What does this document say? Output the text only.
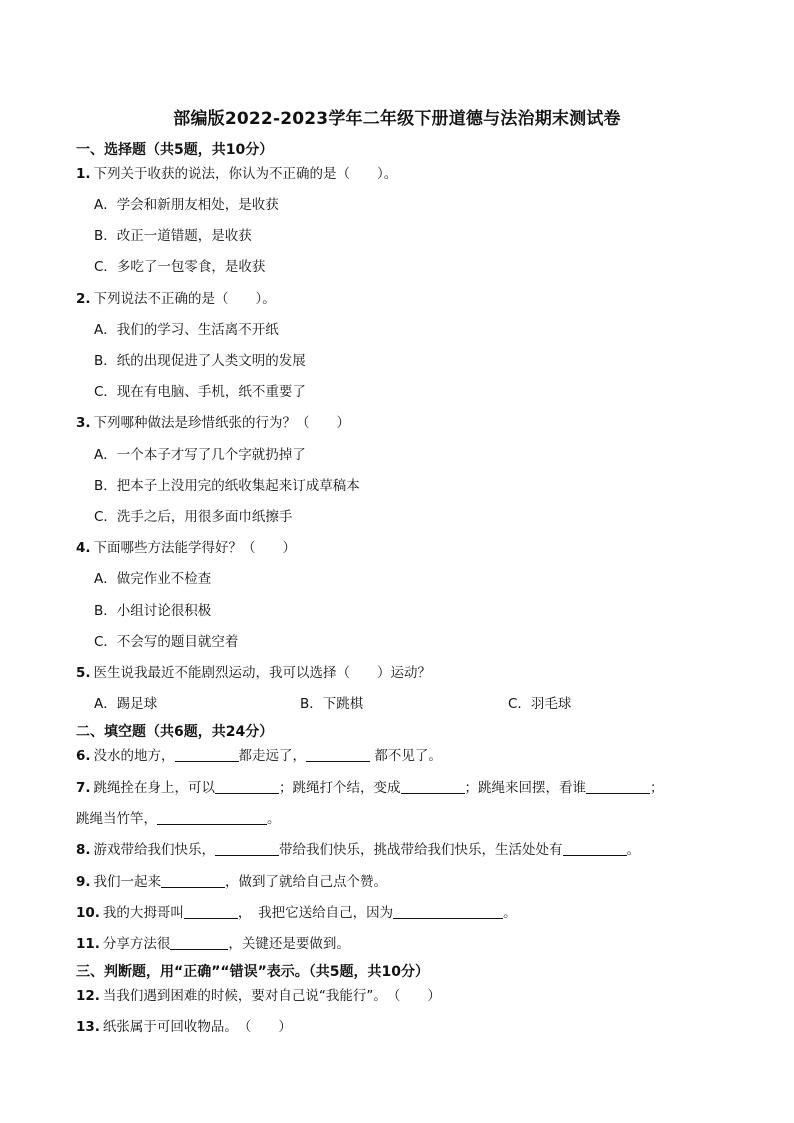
部编版2022-2023学年二年级下册道德与法治期末测试卷
一、选择题（共5题，共10分）
1. 下列关于收获的说法，你认为不正确的是（　　）。
A．学会和新朋友相处，是收获
B．改正一道错题，是收获
C．多吃了一包零食，是收获
2. 下列说法不正确的是（　　）。
A．我们的学习、生活离不开纸
B．纸的出现促进了人类文明的发展
C．现在有电脑、手机，纸不重要了
3. 下列哪种做法是珍惜纸张的行为？（　　）
A．一个本子才写了几个字就扔掉了
B．把本子上没用完的纸收集起来订成草稿本
C．洗手之后，用很多面巾纸擦手
4. 下面哪些方法能学得好？（　　）
A．做完作业不检查
B．小组讨论很积极
C．不会写的题目就空着
5. 医生说我最近不能剧烈运动，我可以选择（　　）运动？
A．踢足球	B．下跳棋	C．羽毛球
二、填空题（共6题，共24分）
6. 没水的地方，	都走远了，	都不见了。
7. 跳绳拴在身上，可以	；跳绳打个结，变成	；跳绳来回摆，看谁	；
跳绳当竹竿，	。
8. 游戏带给我们快乐，	带给我们快乐，挑战带给我们快乐，生活处处有	。
9. 我们一起来	，做到了就给自己点个赞。
10. 我的大拇哥叫	，　我把它送给自己，因为	。
11. 分享方法很	，关键还是要做到。
三、判断题，用“正确”“错误”表示。（共5题，共10分）
12. 当我们遇到困难的时候，要对自己说“我能行”。　（　　）
13. 纸张属于可回收物品。　（　　）
